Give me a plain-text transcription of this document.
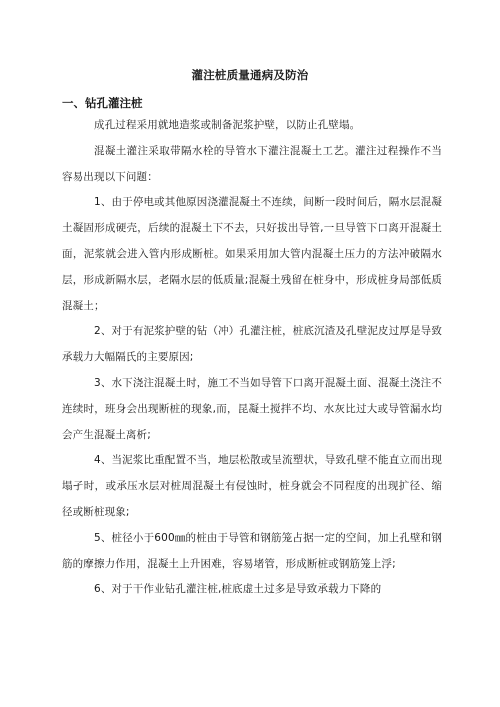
灌注桩质量通病及防治
一、钻孔灌注桩

成孔过程采用就地造浆或制备泥浆护壁，以防止孔壁塌。

混凝土灌注采取带隔水栓的导管水下灌注混凝土工艺。灌注过程操作不当容易出现以下问题：

1、由于停电或其他原因浇灌混凝土不连续，间断一段时间后，隔水层混凝土凝固形成硬壳，后续的混凝土下不去，只好拔出导管,一旦导管下口离开混凝土面，泥浆就会进入管内形成断桩。如果采用加大管内混凝土压力的方法冲破隔水层，形成新隔水层，老隔水层的低质量;混凝土残留在桩身中，形成桩身局部低质混凝土；

2、对于有泥浆护壁的钻（冲）孔灌注桩，桩底沉渣及孔壁泥皮过厚是导致承载力大幅隔氏的主要原因;

3、水下浇注混凝土时，施工不当如导管下口离开混凝土面、混凝土浇注不连续时，班身会出现断桩的现象,而，昆凝土搅拌不均、水灰比过大或导管漏水均会产生混凝土离析;

4、当泥浆比重配置不当，地层松散或呈流塑状，导致孔壁不能直立而出现塌孑时，或承压水层对桩周混凝土有侵蚀时，桩身就会不同程度的出现扩径、缩径或断桩现象;

5、桩径小于600㎜的桩由于导管和钢筋笼占据一定的空间，加上孔壁和钢筋的摩擦力作用，混凝土上升困难，容易堵管，形成断桩或钢筋笼上浮;

6、对于干作业钻孔灌注桩,桩底虚土过多是导致承载力下降的
